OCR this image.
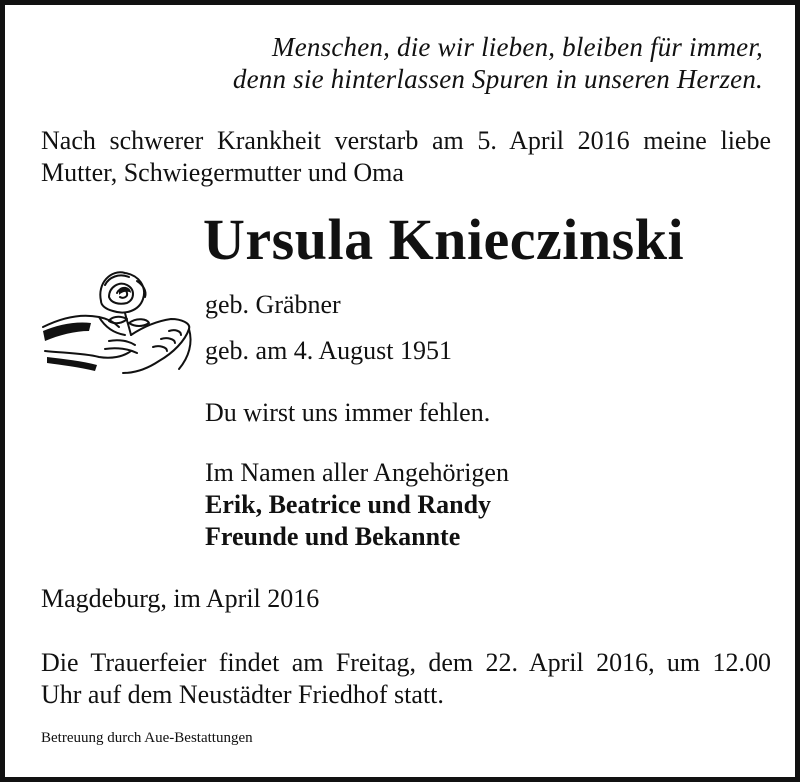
Menschen, die wir lieben, bleiben für immer,
denn sie hinterlassen Spuren in unseren Herzen.
Nach schwerer Krankheit verstarb am 5. April 2016 meine liebe
Mutter, Schwiegermutter und Oma
Ursula Knieczinski
geb. Gräbner
geb. am 4. August 1951
Du wirst uns immer fehlen.
Im Namen aller Angehörigen
Erik, Beatrice und Randy
Freunde und Bekannte
Magdeburg, im April 2016
Die Trauerfeier findet am Freitag, dem 22. April 2016, um 12.00
Uhr auf dem Neustädter Friedhof statt.
Betreuung durch Aue-Bestattungen
